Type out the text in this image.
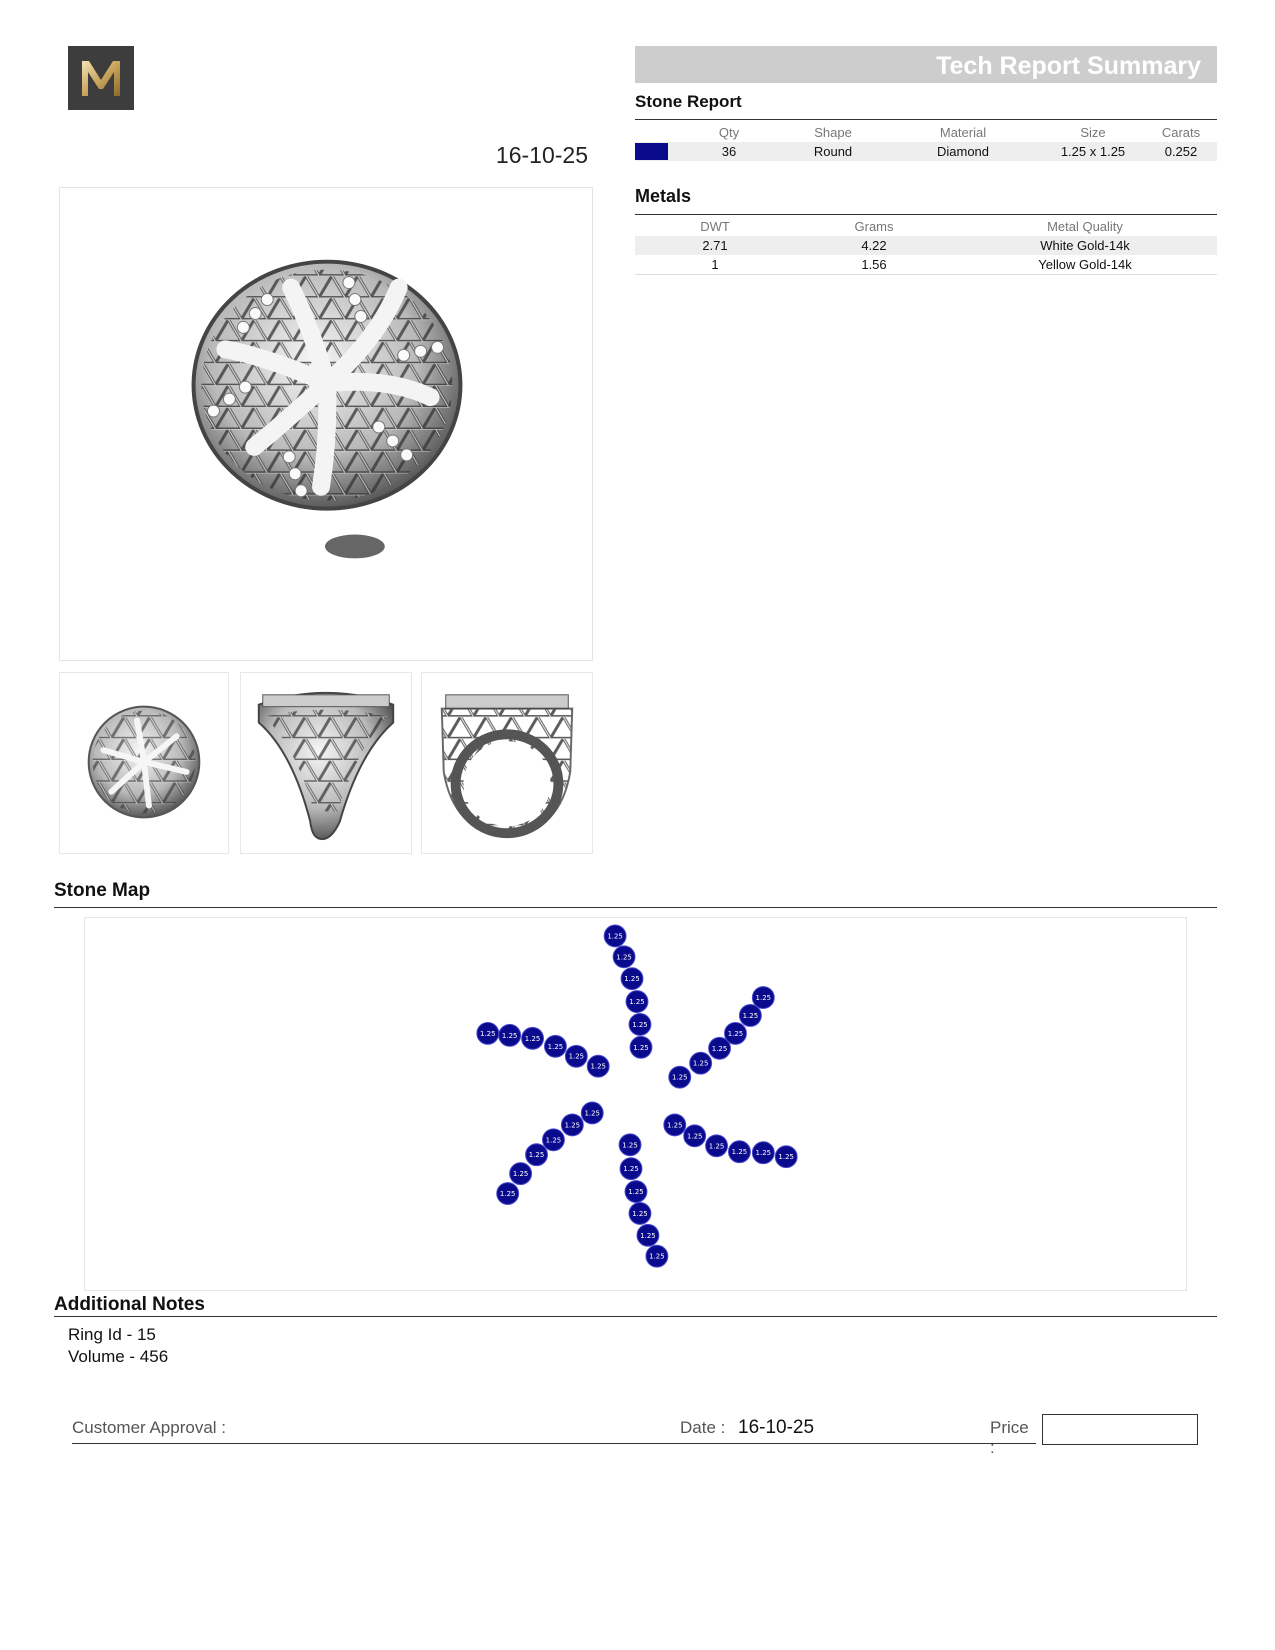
16-10-25
Tech Report Summary
Stone Report
	Qty	Shape	Material	Size	Carats
	36	Round	Diamond	1.25 x 1.25	0.252
Metals
DWT	Grams	Metal Quality
2.71	4.22	White Gold-14k
1	1.56	Yellow Gold-14k
Stone Map
1.25
1.25
1.25
1.25
1.25
1.25
1.25
1.25
1.25
1.25
1.25
1.25
1.25
1.25
1.25
1.25
1.25
1.25
1.25
1.25
1.25
1.25
1.25
1.25
1.25
1.25
1.25
1.25
1.25
1.25
1.25 1.25 1.25
1.25
1.25
1.25
Additional Notes
Ring Id - 15
Volume - 456
Customer Approval :	Date : 16-10-25	Price :
